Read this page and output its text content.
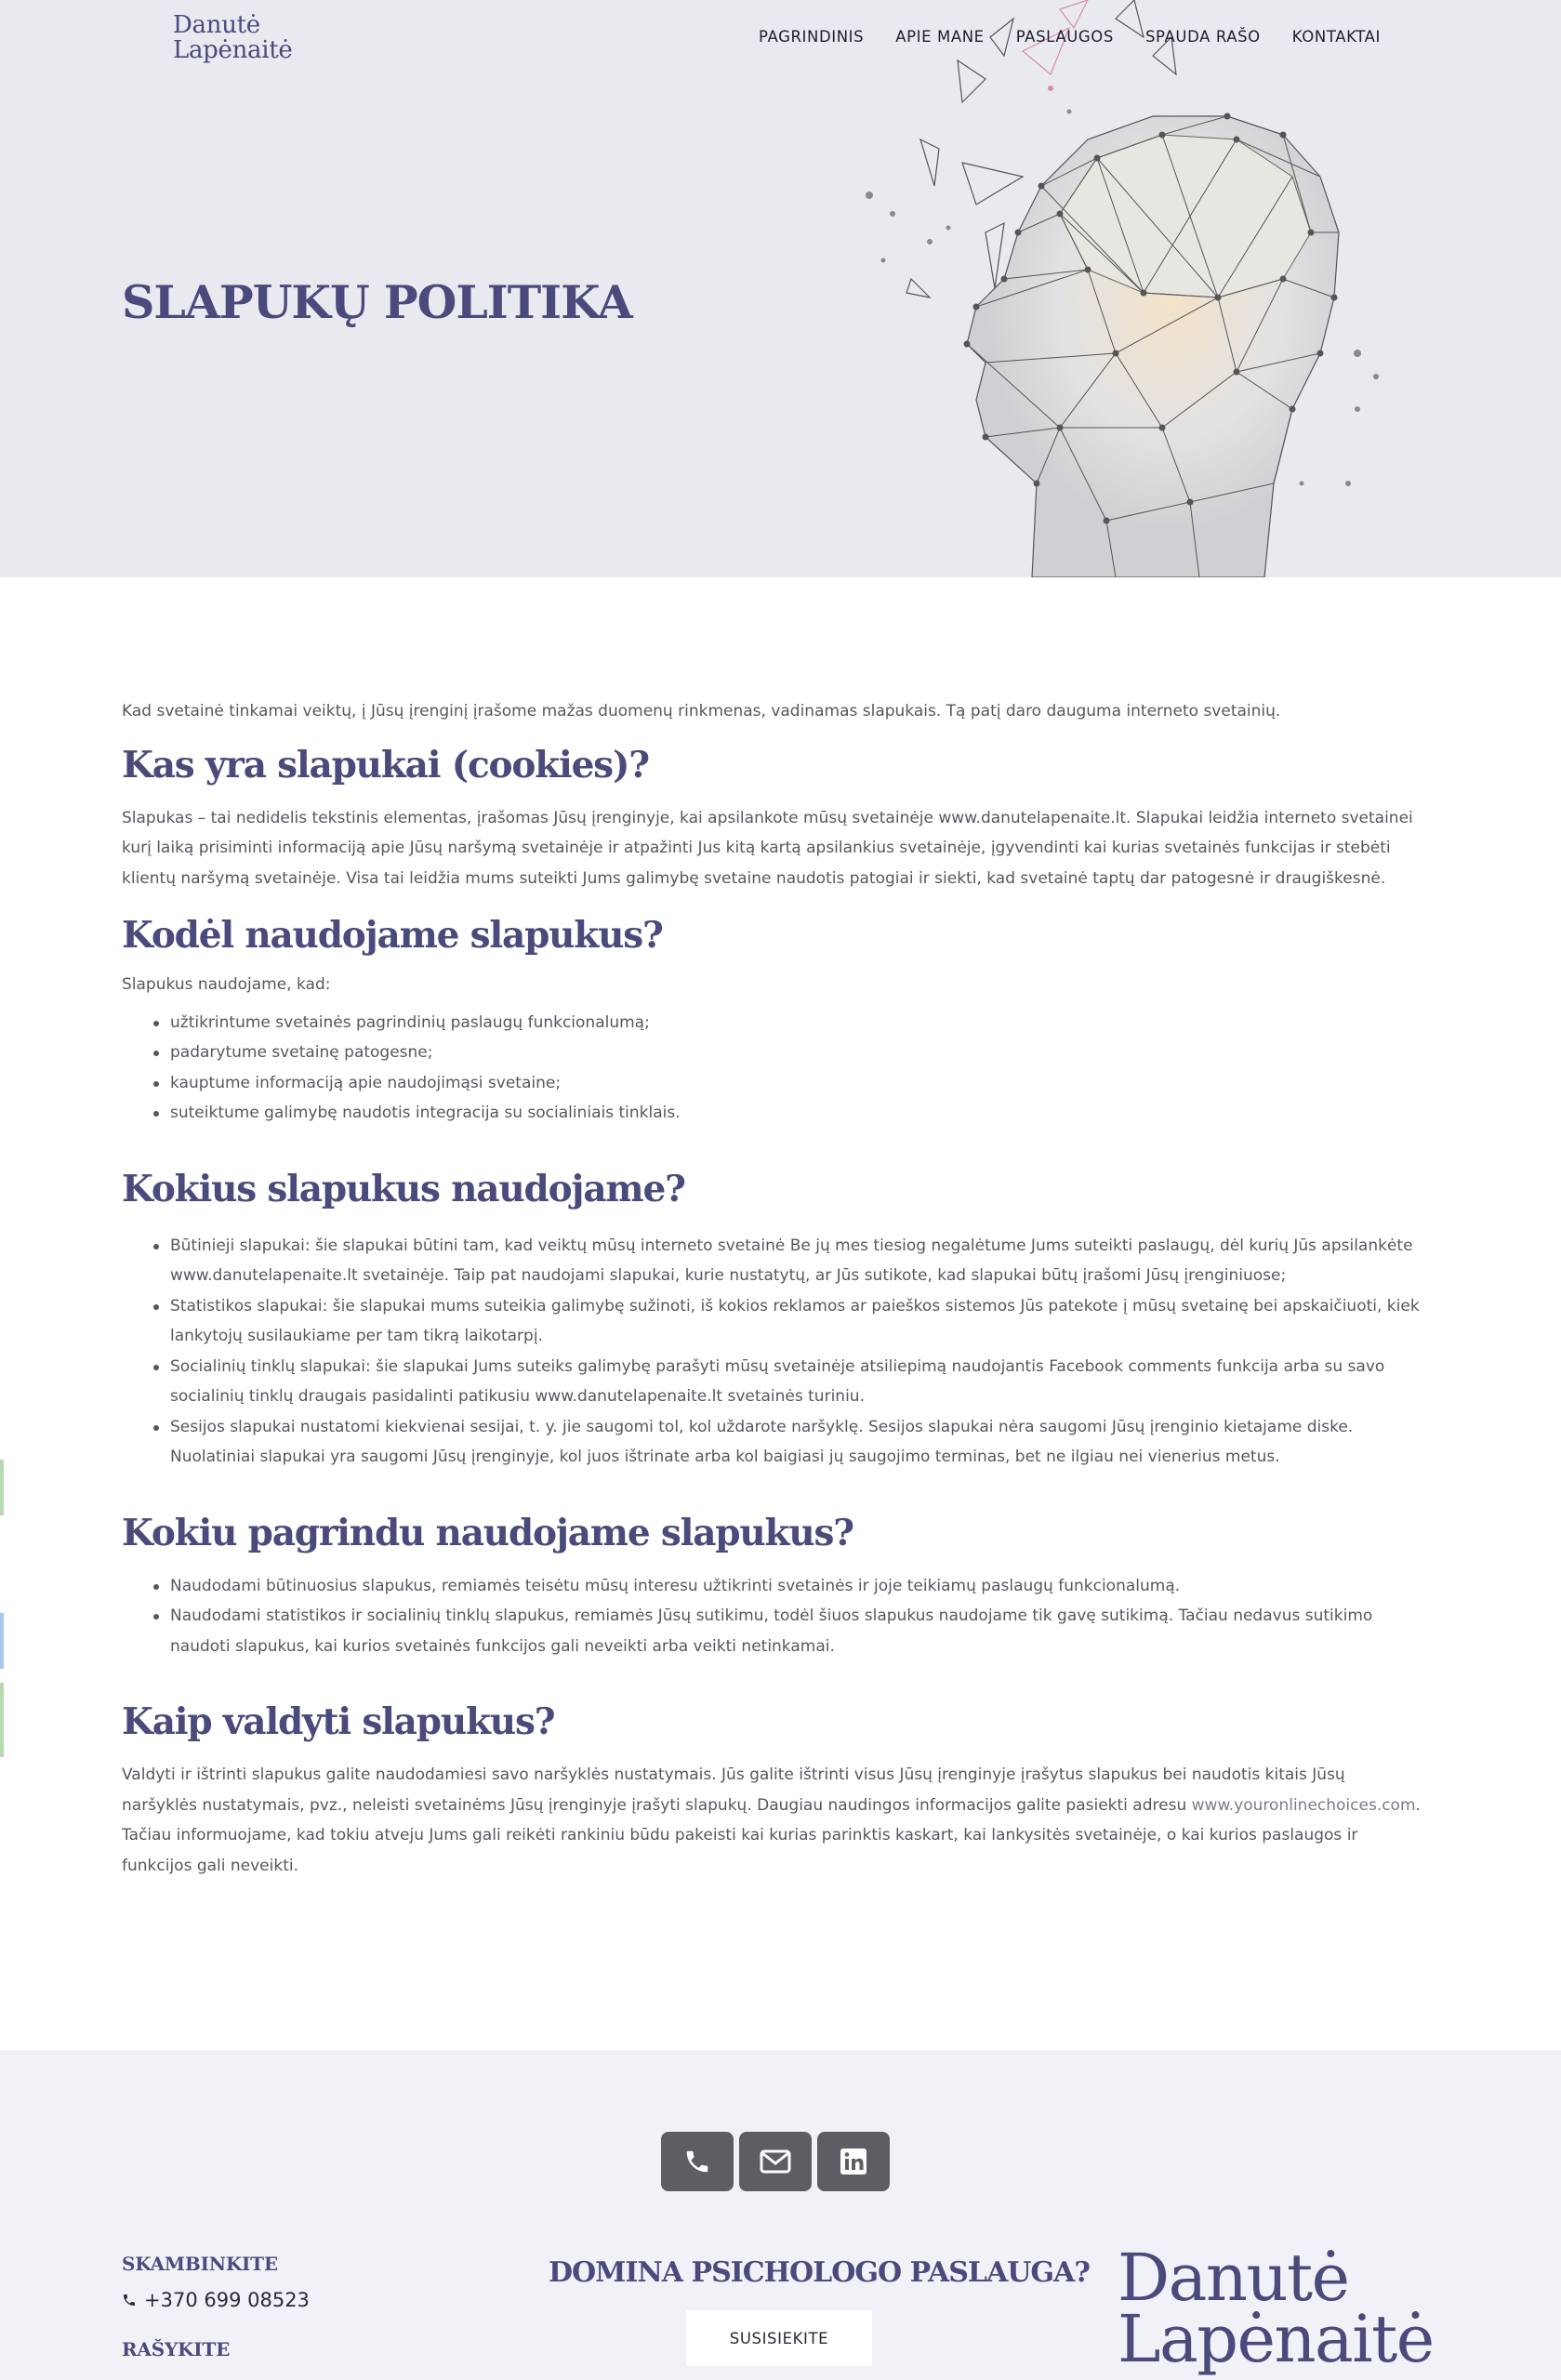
Danutė
Lapėnaitė	PAGRINDINIS APIE MANE PASLAUGOS SPAUDA RAŠO KONTAKTAI
SLAPUKŲ POLITIKA

Kad svetainė tinkamai veiktų, į Jūsų įrenginį įrašome mažas duomenų rinkmenas, vadinamas slapukais. Tą patį daro dauguma interneto svetainių.

Kas yra slapukai (cookies)?
Slapukas – tai nedidelis tekstinis elementas, įrašomas Jūsų įrenginyje, kai apsilankote mūsų svetainėje www.danutelapenaite.lt. Slapukai leidžia interneto svetainei
kurį laiką prisiminti informaciją apie Jūsų naršymą svetainėje ir atpažinti Jus kitą kartą apsilankius svetainėje, įgyvendinti kai kurias svetainės funkcijas ir stebėti
klientų naršymą svetainėje. Visa tai leidžia mums suteikti Jums galimybę svetaine naudotis patogiai ir siekti, kad svetainė taptų dar patogesnė ir draugiškesnė.
Kodėl naudojame slapukus?

Slapukus naudojame, kad:

užtikrintume svetainės pagrindinių paslaugų funkcionalumą;
padarytume svetainę patogesne;
kauptume informaciją apie naudojimąsi svetaine;
suteiktume galimybę naudotis integracija su socialiniais tinklais.
Kokius slapukus naudojame?
Būtinieji slapukai: šie slapukai būtini tam, kad veiktų mūsų interneto svetainė Be jų mes tiesiog negalėtume Jums suteikti paslaugų, dėl kurių Jūs apsilankėte
www.danutelapenaite.lt svetainėje. Taip pat naudojami slapukai, kurie nustatytų, ar Jūs sutikote, kad slapukai būtų įrašomi Jūsų įrenginiuose;
Statistikos slapukai: šie slapukai mums suteikia galimybę sužinoti, iš kokios reklamos ar paieškos sistemos Jūs patekote į mūsų svetainę bei apskaičiuoti, kiek
lankytojų susilaukiame per tam tikrą laikotarpį.
Socialinių tinklų slapukai: šie slapukai Jums suteiks galimybę parašyti mūsų svetainėje atsiliepimą naudojantis Facebook comments funkcija arba su savo
socialinių tinklų draugais pasidalinti patikusiu www.danutelapenaite.lt svetainės turiniu.
Sesijos slapukai nustatomi kiekvienai sesijai, t. y. jie saugomi tol, kol uždarote naršyklę. Sesijos slapukai nėra saugomi Jūsų įrenginio kietajame diske.
Nuolatiniai slapukai yra saugomi Jūsų įrenginyje, kol juos ištrinate arba kol baigiasi jų saugojimo terminas, bet ne ilgiau nei vienerius metus.
Kokiu pagrindu naudojame slapukus?
Naudodami būtinuosius slapukus, remiamės teisėtu mūsų interesu užtikrinti svetainės ir joje teikiamų paslaugų funkcionalumą.
Naudodami statistikos ir socialinių tinklų slapukus, remiamės Jūsų sutikimu, todėl šiuos slapukus naudojame tik gavę sutikimą. Tačiau nedavus sutikimo
naudoti slapukus, kai kurios svetainės funkcijos gali neveikti arba veikti netinkamai.
Kaip valdyti slapukus?
Valdyti ir ištrinti slapukus galite naudodamiesi savo naršyklės nustatymais. Jūs galite ištrinti visus Jūsų įrenginyje įrašytus slapukus bei naudotis kitais Jūsų
naršyklės nustatymais, pvz., neleisti svetainėms Jūsų įrenginyje įrašyti slapukų. Daugiau naudingos informacijos galite pasiekti adresu www.youronlinechoices.com.
Tačiau informuojame, kad tokiu atveju Jums gali reikėti rankiniu būdu pakeisti kai kurias parinktis kaskart, kai lankysitės svetainėje, o kai kurios paslaugos ir
funkcijos gali neveikti.
SKAMBINKITE
+370 699 08523
RAŠYKITE
DOMINA PSICHOLOGO PASLAUGA?
SUSISIEKITE
Danutė
Lapėnaitė
